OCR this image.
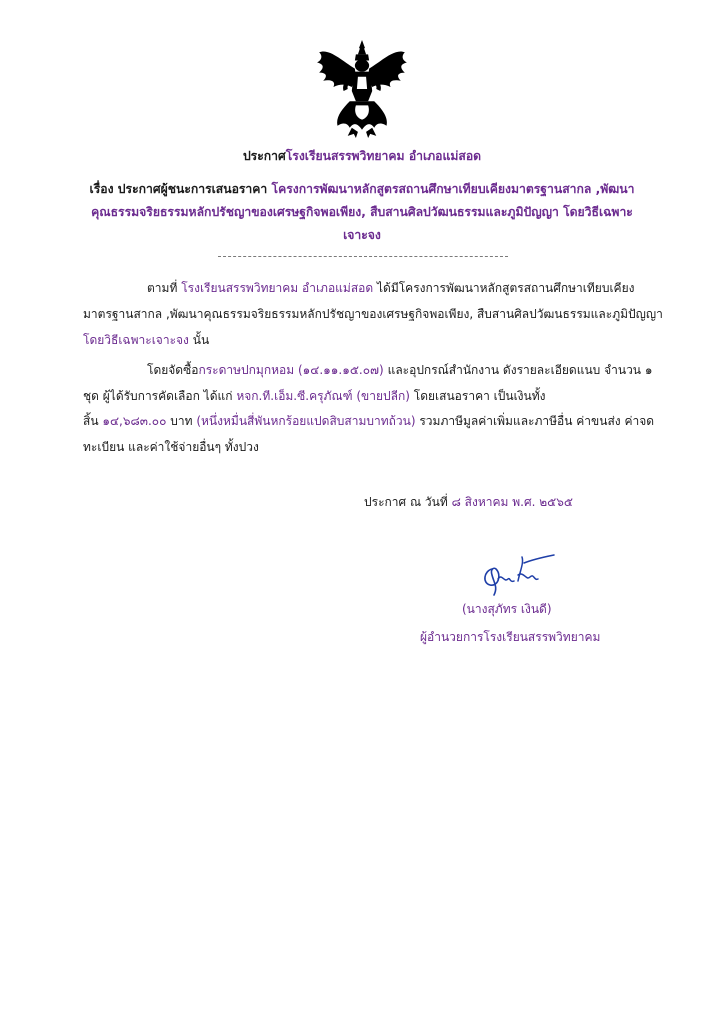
ประกาศโรงเรียนสรรพวิทยาคม อำเภอแม่สอด
เรื่อง ประกาศผู้ชนะการเสนอราคา โครงการพัฒนาหลักสูตรสถานศึกษาเทียบเคียงมาตรฐานสากล ,พัฒนา
คุณธรรมจริยธรรมหลักปรัชญาของเศรษฐกิจพอเพียง, สืบสานศิลปวัฒนธรรมและภูมิปัญญา โดยวิธีเฉพาะ
เจาะจง
ตามที่ โรงเรียนสรรพวิทยาคม อำเภอแม่สอด ได้มีโครงการพัฒนาหลักสูตรสถานศึกษาเทียบเคียง
มาตรฐานสากล ,พัฒนาคุณธรรมจริยธรรมหลักปรัชญาของเศรษฐกิจพอเพียง, สืบสานศิลปวัฒนธรรมและภูมิปัญญา
โดยวิธีเฉพาะเจาะจง นั้น
โดยจัดซื้อกระดาษปกมุกหอม (๑๔.๑๑.๑๕.๐๗) และอุปกรณ์สำนักงาน ดังรายละเอียดแนบ จำนวน ๑
ชุด ผู้ได้รับการคัดเลือก ได้แก่ หจก.ที.เอ็ม.ซี.ครุภัณฑ์ (ขายปลีก) โดยเสนอราคา เป็นเงินทั้ง
สิ้น ๑๔,๖๘๓.๐๐ บาท (หนึ่งหมื่นสี่พันหกร้อยแปดสิบสามบาทถ้วน) รวมภาษีมูลค่าเพิ่มและภาษีอื่น ค่าขนส่ง ค่าจด
ทะเบียน และค่าใช้จ่ายอื่นๆ ทั้งปวง
ประกาศ ณ วันที่ ๘ สิงหาคม พ.ศ. ๒๕๖๕
(นางสุภัทร เงินดี)
ผู้อำนวยการโรงเรียนสรรพวิทยาคม
